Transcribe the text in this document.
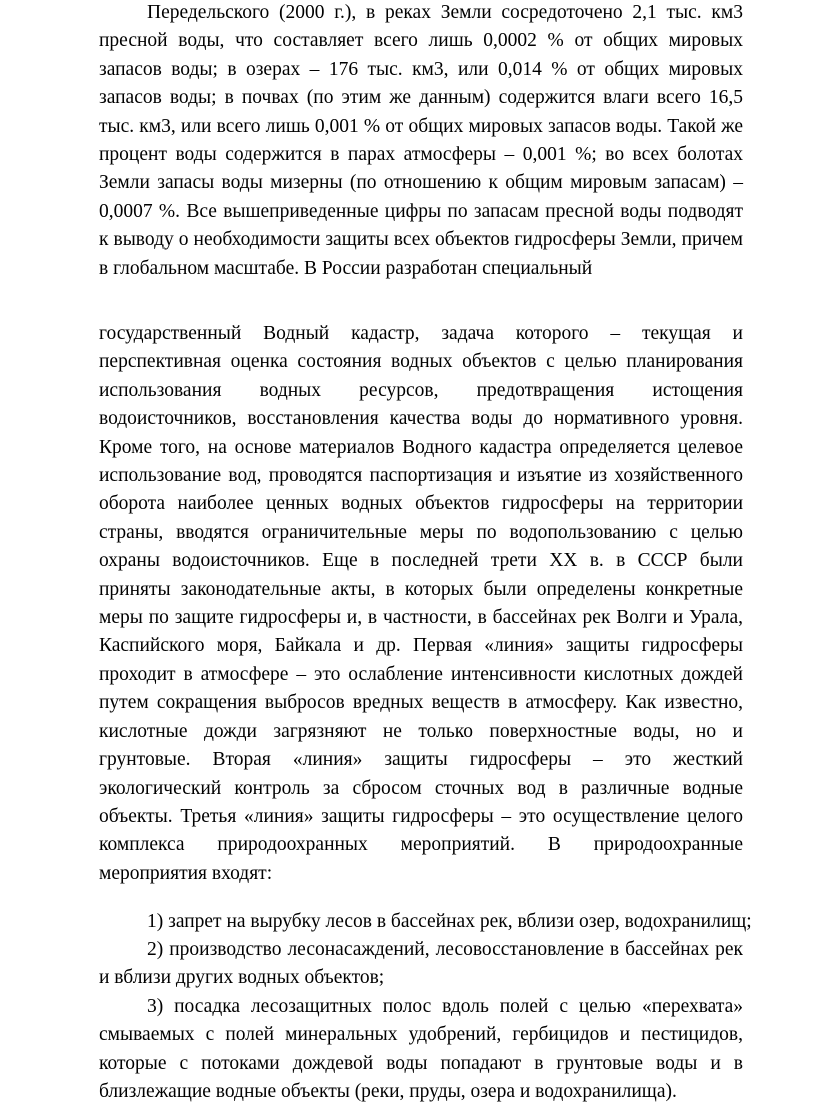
Передельского (2000 г.), в реках Земли сосредоточено 2,1 тыс. км3 пресной воды, что составляет всего лишь 0,0002 % от общих мировых запасов воды; в озерах – 176 тыс. км3, или 0,014 % от общих мировых запасов воды; в почвах (по этим же данным) содержится влаги всего 16,5 тыс. км3, или всего лишь 0,001 % от общих мировых запасов воды. Такой же процент воды содержится в парах атмосферы – 0,001 %; во всех болотах Земли запасы воды мизерны (по отношению к общим мировым запасам) – 0,0007 %. Все вышеприведенные цифры по запасам пресной воды подводят к выводу о необходимости защиты всех объектов гидросферы Земли, причем в глобальном масштабе. В России разработан специальный

государственный Водный кадастр, задача которого – текущая и перспективная оценка состояния водных объектов с целью планирования использования водных ресурсов, предотвращения истощения водоисточников, восстановления качества воды до нормативного уровня. Кроме того, на основе материалов Водного кадастра определяется целевое использование вод, проводятся паспортизация и изъятие из хозяйственного оборота наиболее ценных водных объектов гидросферы на территории страны, вводятся ограничительные меры по водопользованию с целью охраны водоисточников. Еще в последней трети XX в. в СССР были приняты законодательные акты, в которых были определены конкретные меры по защите гидросферы и, в частности, в бассейнах рек Волги и Урала, Каспийского моря, Байкала и др. Первая «линия» защиты гидросферы проходит в атмосфере – это ослабление интенсивности кислотных дождей путем сокращения выбросов вредных веществ в атмосферу. Как известно, кислотные дожди загрязняют не только поверхностные воды, но и грунтовые. Вторая «линия» защиты гидросферы – это жесткий экологический контроль за сбросом сточных вод в различные водные объекты. Третья «линия» защиты гидросферы – это осуществление целого комплекса природоохранных мероприятий. В природоохранные мероприятия входят:

1) запрет на вырубку лесов в бассейнах рек, вблизи озер, водохранилищ;

2) производство лесонасаждений, лесовосстановление в бассейнах рек и вблизи других водных объектов;

3) посадка лесозащитных полос вдоль полей с целью «перехвата» смываемых с полей минеральных удобрений, гербицидов и пестицидов, которые с потоками дождевой воды попадают в грунтовые воды и в близлежащие водные объекты (реки, пруды, озера и водохранилища).
